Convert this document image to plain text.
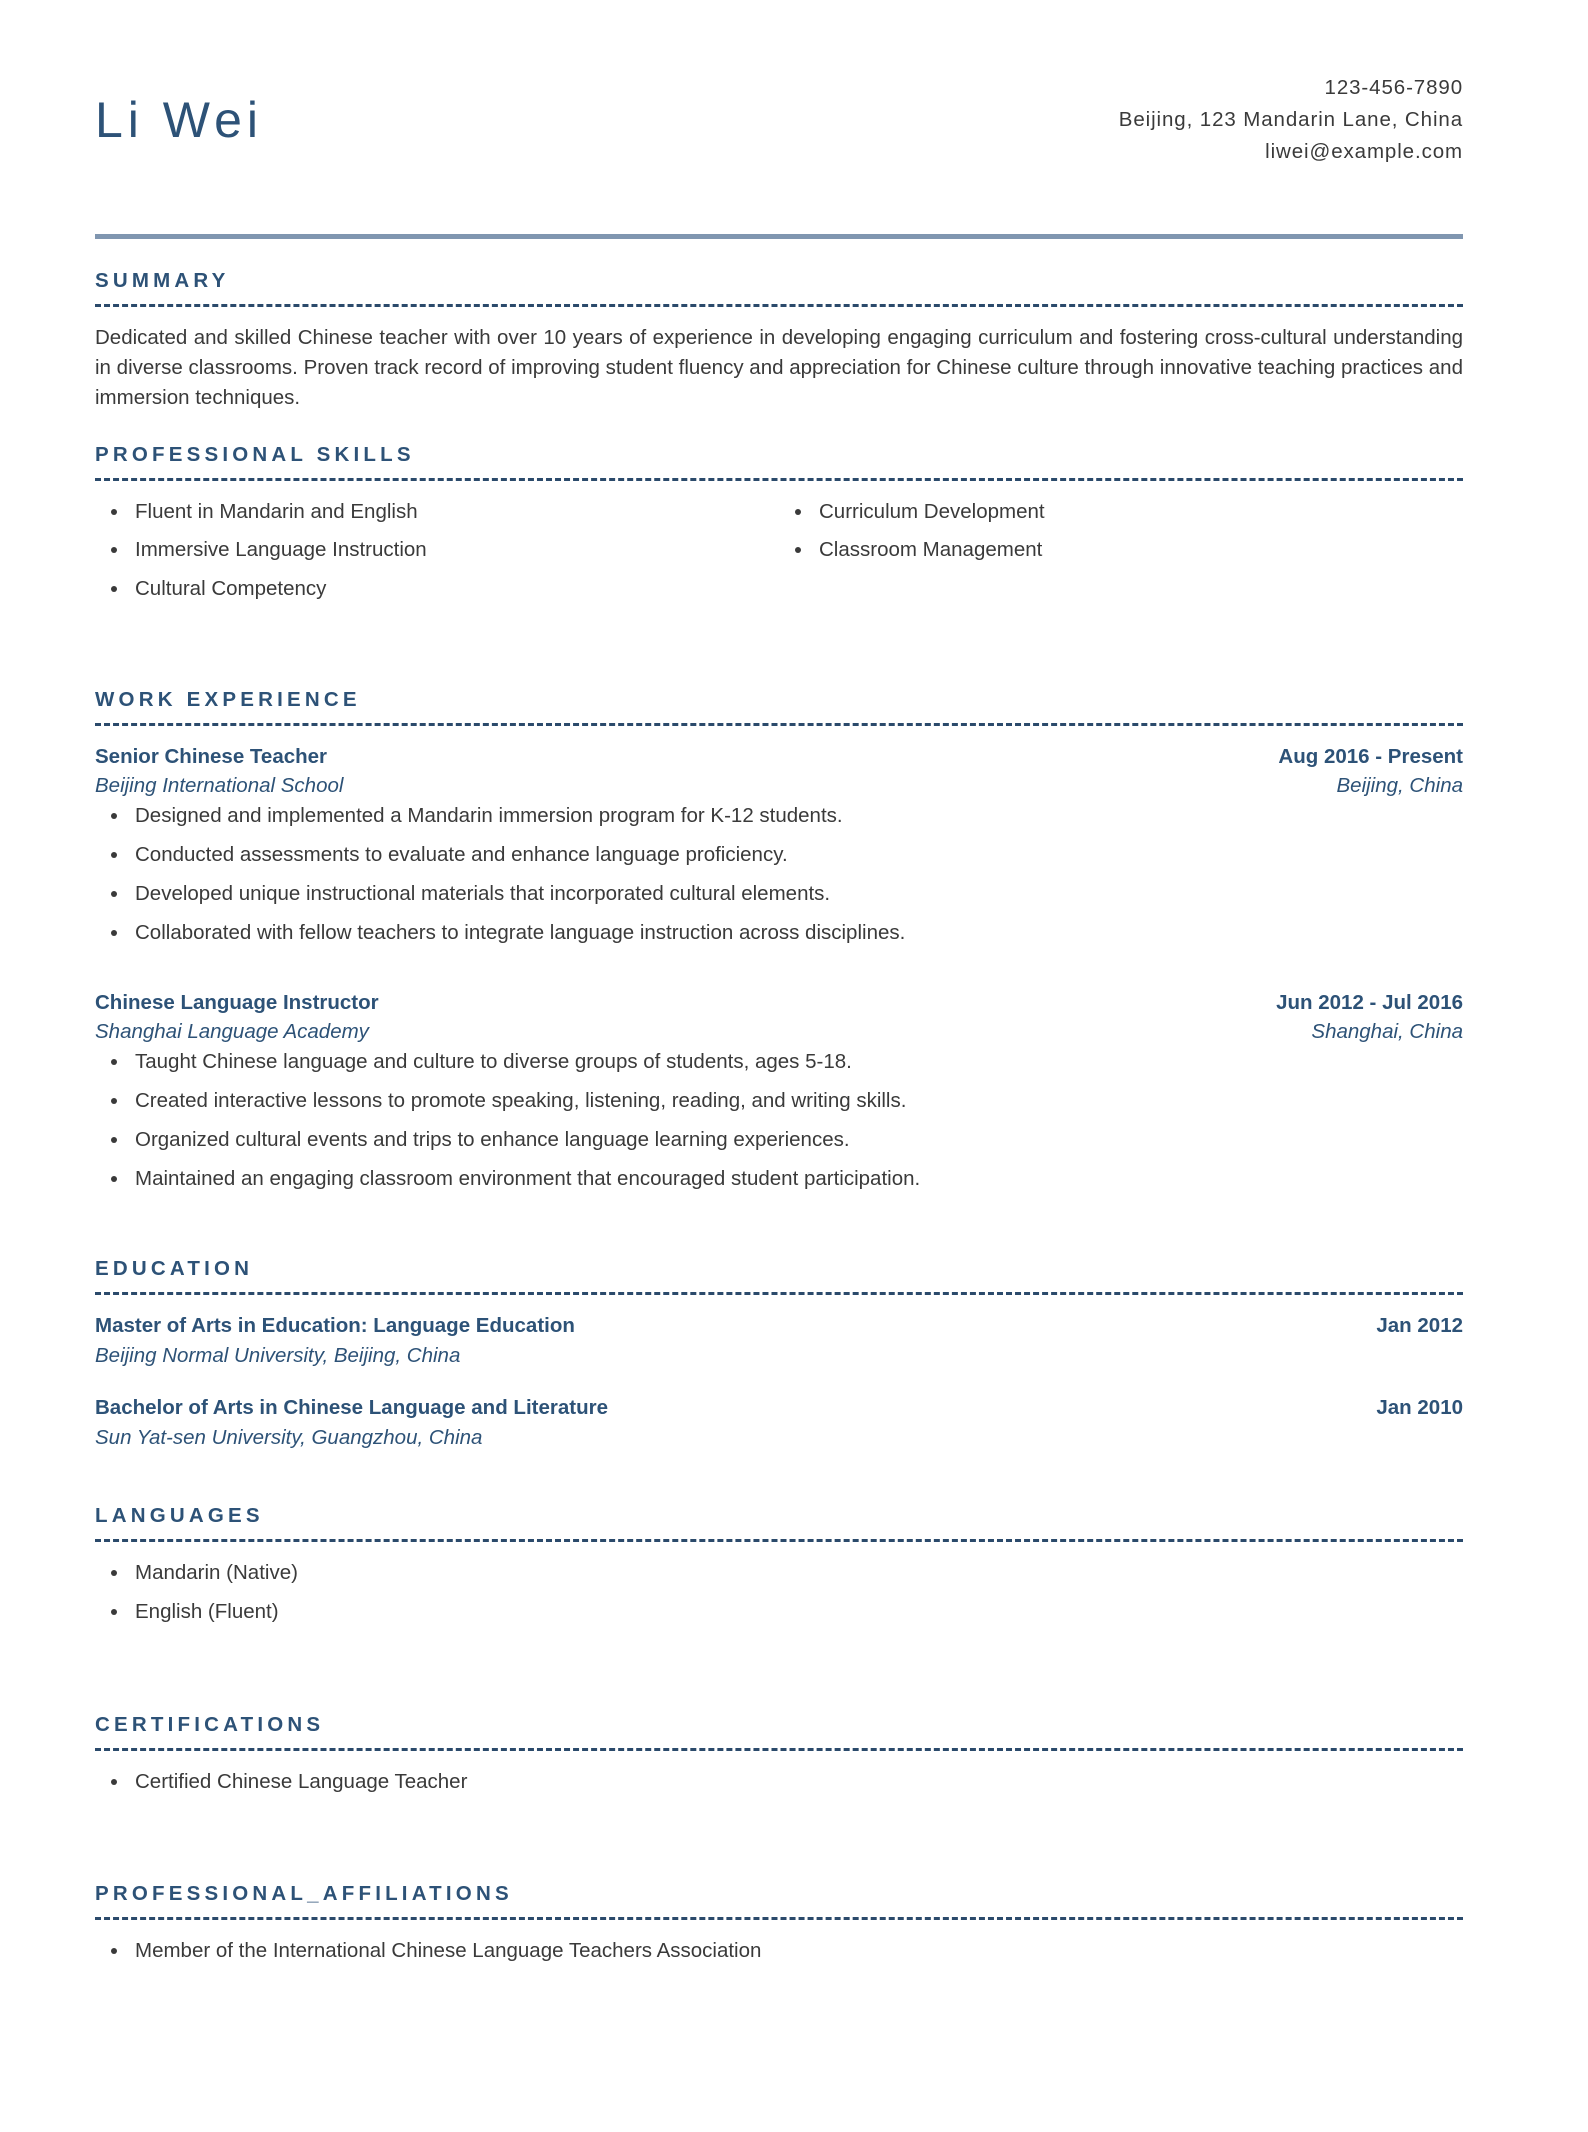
Li Wei
123-456-7890
Beijing, 123 Mandarin Lane, China
liwei@example.com
SUMMARY
Dedicated and skilled Chinese teacher with over 10 years of experience in developing engaging curriculum and fostering cross-cultural understanding in diverse classrooms. Proven track record of improving student fluency and appreciation for Chinese culture through innovative teaching practices and immersion techniques.
PROFESSIONAL SKILLS
Fluent in Mandarin and English
Immersive Language Instruction
Cultural Competency
Curriculum Development
Classroom Management
WORK EXPERIENCE
Senior Chinese Teacher
Beijing International School
Aug 2016 - Present
Beijing, China
Designed and implemented a Mandarin immersion program for K-12 students.
Conducted assessments to evaluate and enhance language proficiency.
Developed unique instructional materials that incorporated cultural elements.
Collaborated with fellow teachers to integrate language instruction across disciplines.
Chinese Language Instructor
Shanghai Language Academy
Jun 2012 - Jul 2016
Shanghai, China
Taught Chinese language and culture to diverse groups of students, ages 5-18.
Created interactive lessons to promote speaking, listening, reading, and writing skills.
Organized cultural events and trips to enhance language learning experiences.
Maintained an engaging classroom environment that encouraged student participation.
EDUCATION
Master of Arts in Education: Language Education	Jan 2012
Beijing Normal University, Beijing, China
Bachelor of Arts in Chinese Language and Literature	Jan 2010
Sun Yat-sen University, Guangzhou, China
LANGUAGES
Mandarin (Native)
English (Fluent)
CERTIFICATIONS
Certified Chinese Language Teacher
PROFESSIONAL_AFFILIATIONS
Member of the International Chinese Language Teachers Association
